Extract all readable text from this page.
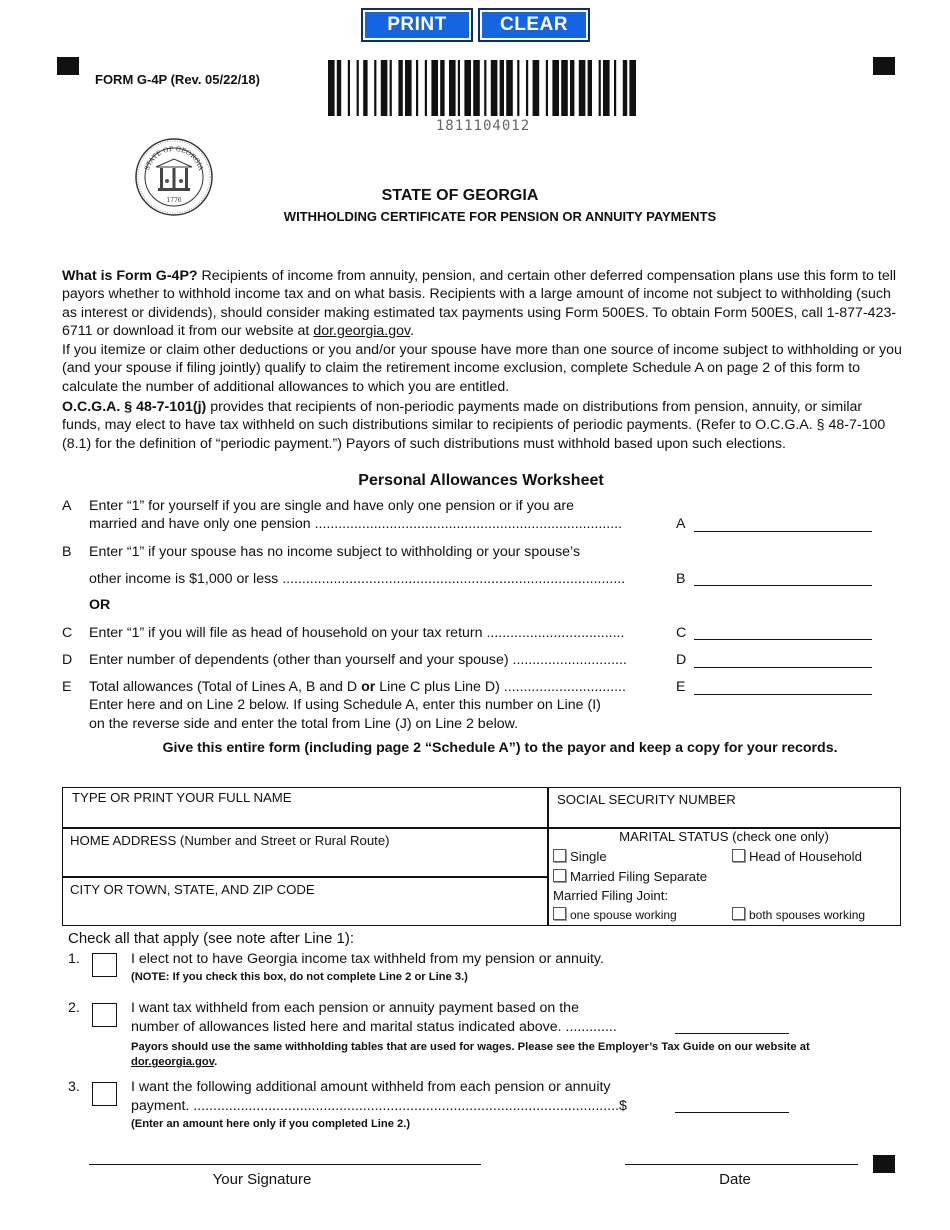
PRINT	CLEAR
FORM G-4P (Rev. 05/22/18)
1811104012
STATE OF GEORGIA
1776	STATE OF GEORGIA
WITHHOLDING CERTIFICATE FOR PENSION OR ANNUITY PAYMENTS
What is Form G-4P? Recipients of income from annuity, pension, and certain other deferred compensation plans use this form to tell payors whether to withhold income tax and on what basis. Recipients with a large amount of income not subject to withholding (such as interest or dividends), should consider making estimated tax payments using Form 500ES. To obtain Form 500ES, call 1-877-423-6711 or download it from our website at dor.georgia.gov.
If you itemize or claim other deductions or you and/or your spouse have more than one source of income subject to withholding or you (and your spouse if filing jointly) qualify to claim the retirement income exclusion, complete Schedule A on page 2 of this form to calculate the number of additional allowances to which you are entitled.
O.C.G.A. § 48-7-101(j) provides that recipients of non-periodic payments made on distributions from pension, annuity, or similar funds, may elect to have tax withheld on such distributions similar to recipients of periodic payments. (Refer to O.C.G.A. § 48-7-100 (8.1) for the definition of “periodic payment.”) Payors of such distributions must withhold based upon such elections.
Personal Allowances Worksheet
A Enter “1” for yourself if you are single and have only one pension or if you are
married and have only one pension ..............................................................................	A
B Enter “1” if your spouse has no income subject to withholding or your spouse’s
other income is $1,000 or less .......................................................................................	B
OR
C Enter “1” if you will file as head of household on your tax return ...................................	C
D Enter number of dependents (other than yourself and your spouse) .............................	D
E Total allowances (Total of Lines A, B and D or Line C plus Line D) ...............................	E
Enter here and on Line 2 below. If using Schedule A, enter this number on Line (I)
on the reverse side and enter the total from Line (J) on Line 2 below.
Give this entire form (including page 2 “Schedule A”) to the payor and keep a copy for your records.
TYPE OR PRINT YOUR FULL NAME	SOCIAL SECURITY NUMBER
HOME ADDRESS (Number and Street or Rural Route)
CITY OR TOWN, STATE, AND ZIP CODE
MARITAL STATUS (check one only)
Single	Head of Household
Married Filing Separate
Married Filing Joint:
one spouse working	both spouses working
Check all that apply (see note after Line 1):
1.	I elect not to have Georgia income tax withheld from my pension or annuity.
(NOTE: If you check this box, do not complete Line 2 or Line 3.)
2.	I want tax withheld from each pension or annuity payment based on the
number of allowances listed here and marital status indicated above. .............
Payors should use the same withholding tables that are used for wages. Please see the Employer’s Tax Guide on our website at dor.georgia.gov.
3.	I want the following additional amount withheld from each pension or annuity
payment. ............................................................................................................$
(Enter an amount here only if you completed Line 2.)
Your Signature	Date
